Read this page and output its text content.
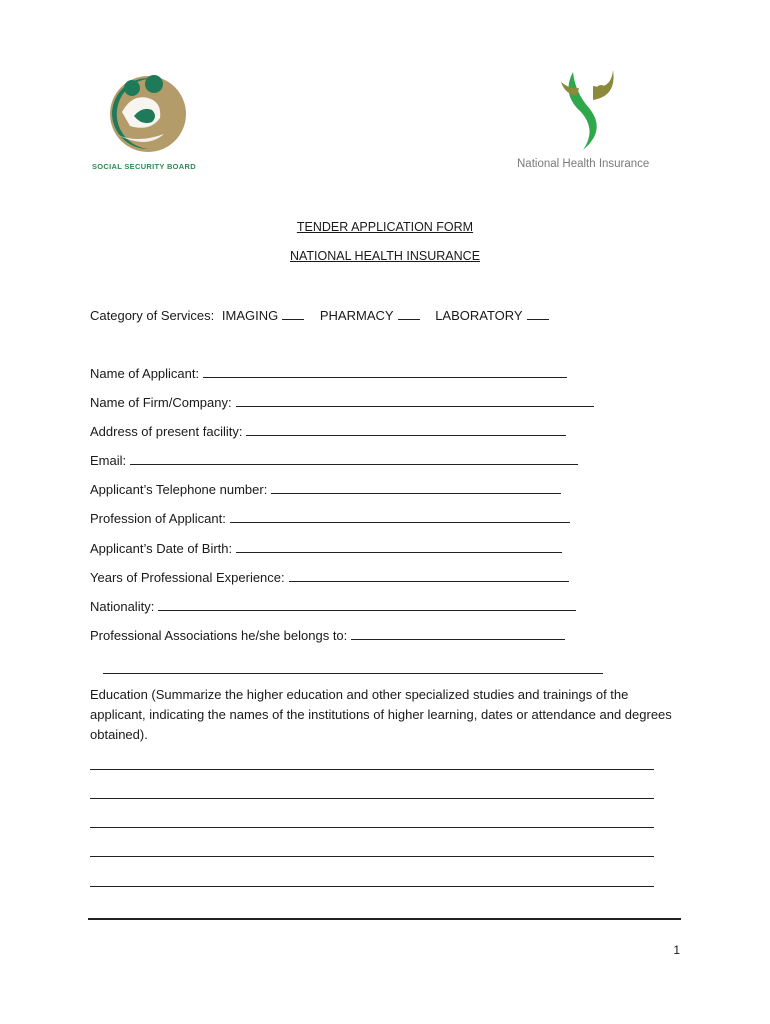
SOCIAL SECURITY BOARD	National Health Insurance
TENDER APPLICATION FORM
NATIONAL HEALTH INSURANCE
Category of Services: IMAGING	PHARMACY	LABORATORY
Name of Applicant:
Name of Firm/Company:
Address of present facility:
Email:
Applicant’s Telephone number:
Profession of Applicant:
Applicant’s Date of Birth:
Years of Professional Experience:
Nationality:
Professional Associations he/she belongs to:
Education (Summarize the higher education and other specialized studies and trainings of the applicant, indicating the names of the institutions of higher learning, dates or attendance and degrees obtained).
1
